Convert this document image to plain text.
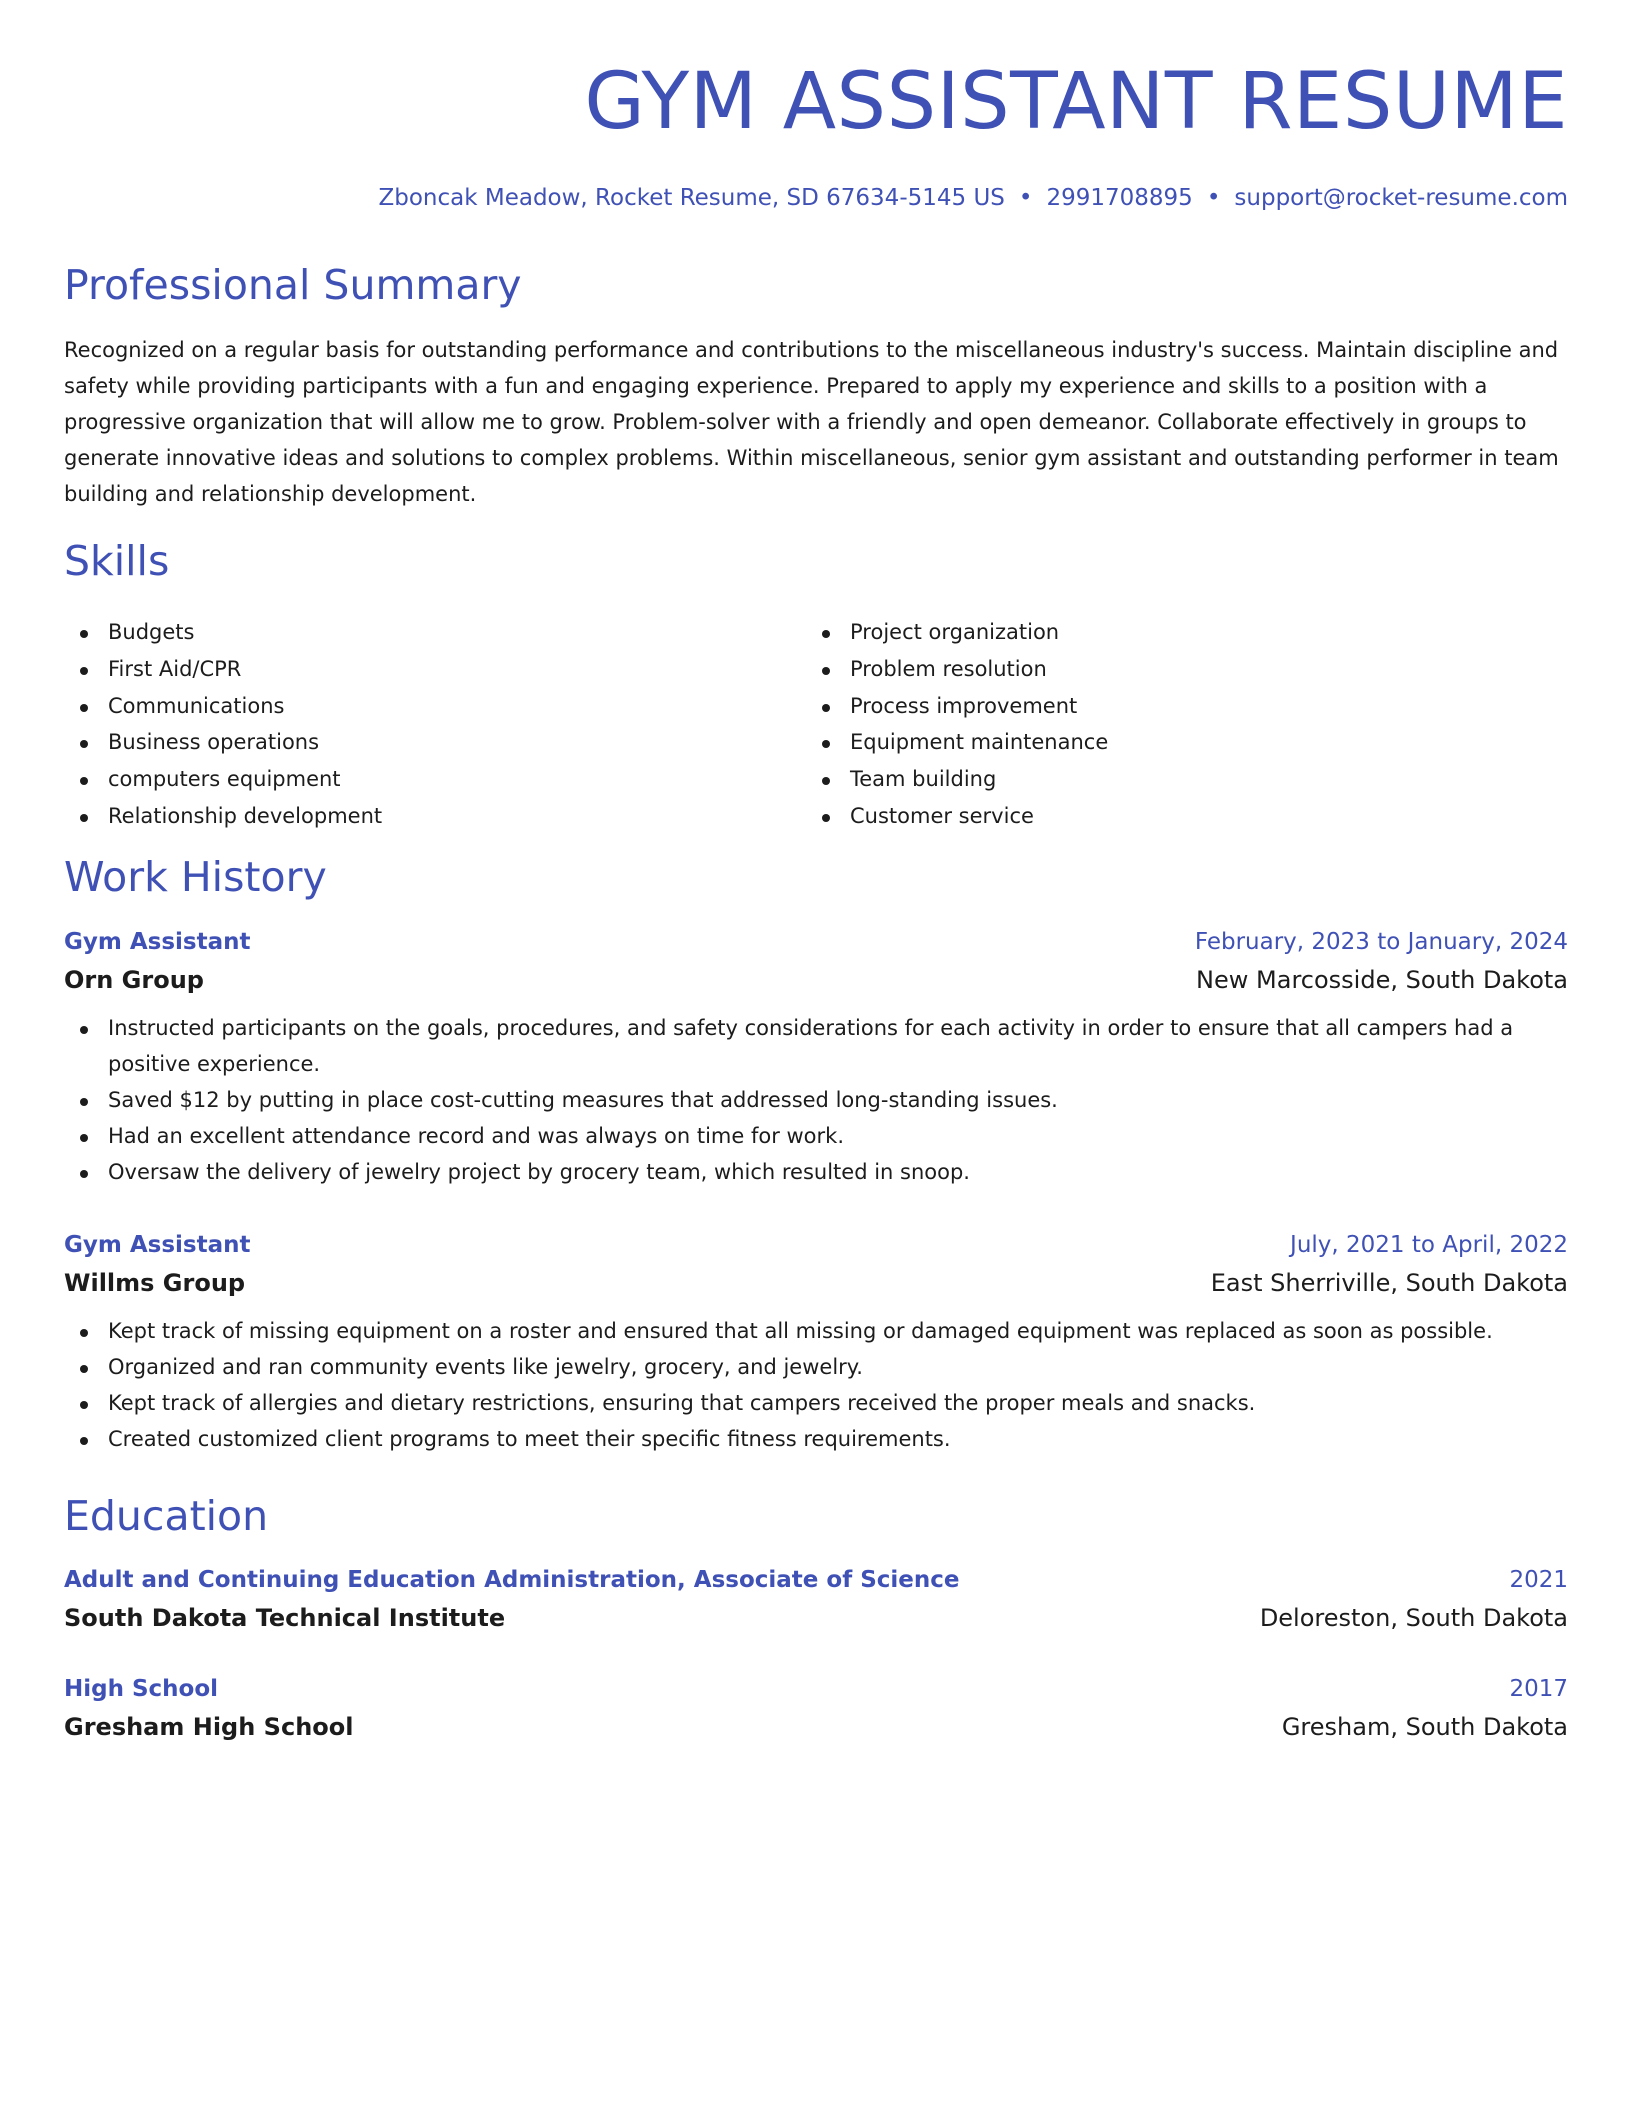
GYM ASSISTANT RESUME
Zboncak Meadow, Rocket Resume, SD 67634-5145 US • 2991708895 • support@rocket-resume.com
Professional Summary

Recognized on a regular basis for outstanding performance and contributions to the miscellaneous industry's success. Maintain discipline and safety while providing participants with a fun and engaging experience. Prepared to apply my experience and skills to a position with a progressive organization that will allow me to grow. Problem-solver with a friendly and open demeanor. Collaborate effectively in groups to generate innovative ideas and solutions to complex problems. Within miscellaneous, senior gym assistant and outstanding performer in team building and relationship development.

Skills
Budgets
First Aid/CPR
Communications
Business operations
computers equipment
Relationship development
Project organization
Problem resolution
Process improvement
Equipment maintenance
Team building
Customer service
Work History
Gym Assistant	February, 2023 to January, 2024
Orn Group	New Marcosside, South Dakota
Instructed participants on the goals, procedures, and safety considerations for each activity in order to ensure that all campers had a positive experience.
Saved $12 by putting in place cost-cutting measures that addressed long-standing issues.
Had an excellent attendance record and was always on time for work.
Oversaw the delivery of jewelry project by grocery team, which resulted in snoop.
Gym Assistant	July, 2021 to April, 2022
Willms Group	East Sherriville, South Dakota
Kept track of missing equipment on a roster and ensured that all missing or damaged equipment was replaced as soon as possible.
Organized and ran community events like jewelry, grocery, and jewelry.
Kept track of allergies and dietary restrictions, ensuring that campers received the proper meals and snacks.
Created customized client programs to meet their specific fitness requirements.
Education
Adult and Continuing Education Administration, Associate of Science	2021
South Dakota Technical Institute	Deloreston, South Dakota
High School	2017
Gresham High School	Gresham, South Dakota
